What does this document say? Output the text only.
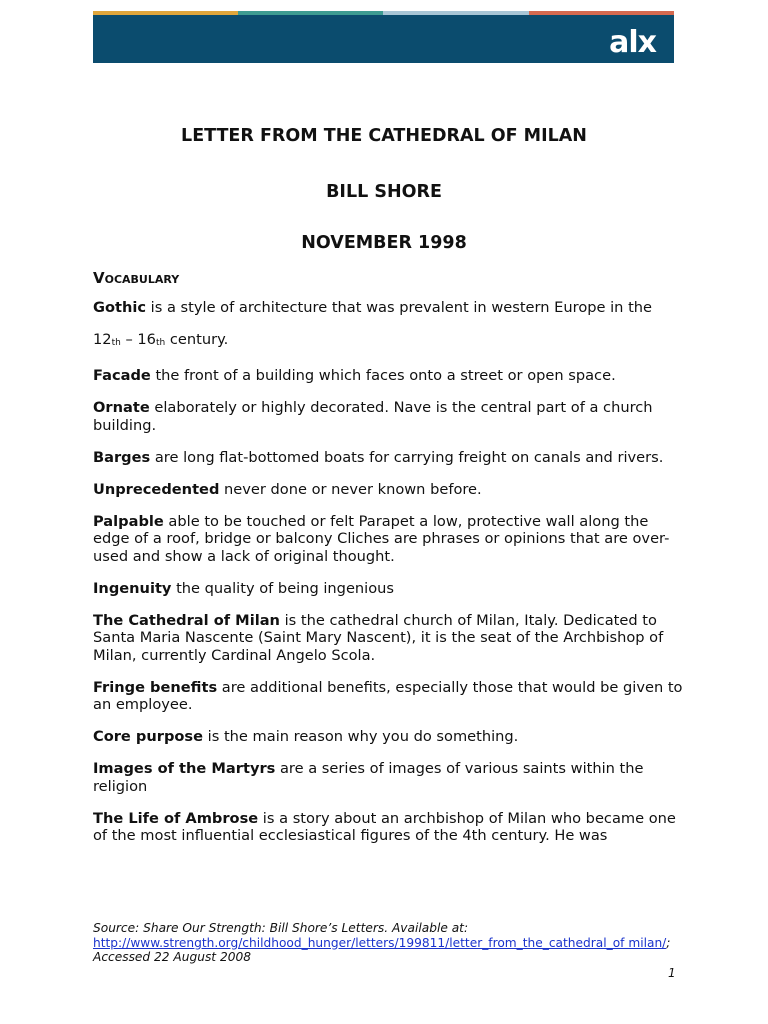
alx
LETTER FROM THE CATHEDRAL OF MILAN
BILL SHORE
NOVEMBER 1998
VOCABULARY

Gothic is a style of architecture that was prevalent in western Europe in the

$12_{th} - 16_{th}$ century.

Facade the front of a building which faces onto a street or open space.

Ornate elaborately or highly decorated. Nave is the central part of a church building.

Barges are long flat-bottomed boats for carrying freight on canals and rivers.

Unprecedented never done or never known before.

Palpable able to be touched or felt Parapet a low, protective wall along the edge of a roof, bridge or balcony Cliches are phrases or opinions that are over-used and show a lack of original thought.

Ingenuity the quality of being ingenious

The Cathedral of Milan is the cathedral church of Milan, Italy. Dedicated to Santa Maria Nascente (Saint Mary Nascent), it is the seat of the Archbishop of Milan, currently Cardinal Angelo Scola.

Fringe benefits are additional benefits, especially those that would be given to an employee.

Core purpose is the main reason why you do something.

Images of the Martyrs are a series of images of various saints within the religion

The Life of Ambrose is a story about an archbishop of Milan who became one of the most influential ecclesiastical figures of the 4th century. He was

Source: Share Our Strength: Bill Shore’s Letters. Available at:
http://www.strength.org/childhood_hunger/letters/199811/letter_from_the_cathedral_of milan/; Accessed 22 August 2008
1
